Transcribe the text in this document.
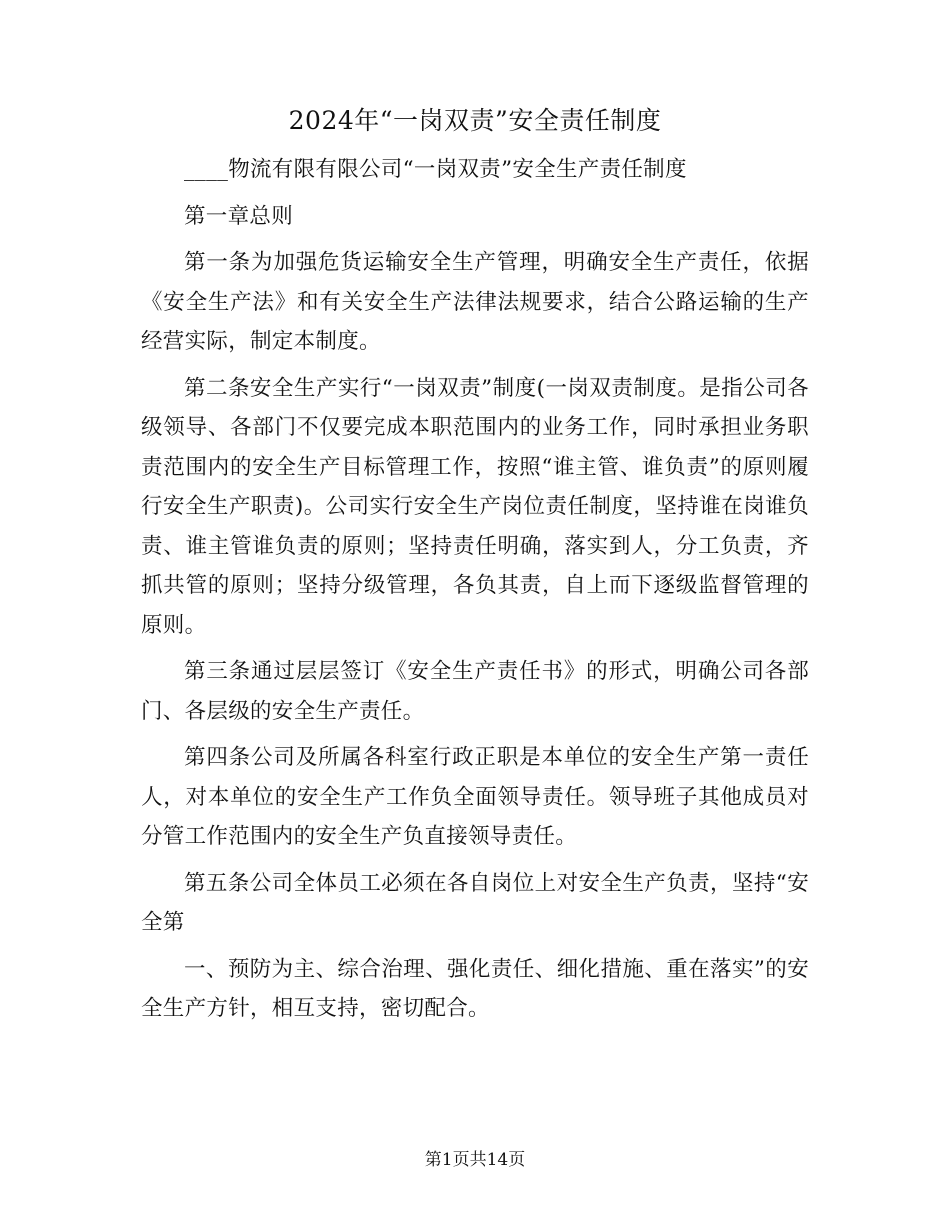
2024年“一岗双责”安全责任制度

____物流有限有限公司“一岗双责”安全生产责任制度

第一章总则

第一条为加强危货运输安全生产管理，明确安全生产责任，依据《安全生产法》和有关安全生产法律法规要求，结合公路运输的生产经营实际，制定本制度。

第二条安全生产实行“一岗双责”制度(一岗双责制度。是指公司各级领导、各部门不仅要完成本职范围内的业务工作，同时承担业务职责范围内的安全生产目标管理工作，按照“谁主管、谁负责”的原则履行安全生产职责)。公司实行安全生产岗位责任制度，坚持谁在岗谁负责、谁主管谁负责的原则；坚持责任明确，落实到人，分工负责，齐抓共管的原则；坚持分级管理，各负其责，自上而下逐级监督管理的原则。

第三条通过层层签订《安全生产责任书》的形式，明确公司各部门、各层级的安全生产责任。

第四条公司及所属各科室行政正职是本单位的安全生产第一责任人，对本单位的安全生产工作负全面领导责任。领导班子其他成员对分管工作范围内的安全生产负直接领导责任。

第五条公司全体员工必须在各自岗位上对安全生产负责，坚持“安全第

一、预防为主、综合治理、强化责任、细化措施、重在落实”的安全生产方针，相互支持，密切配合。

第1页共14页
